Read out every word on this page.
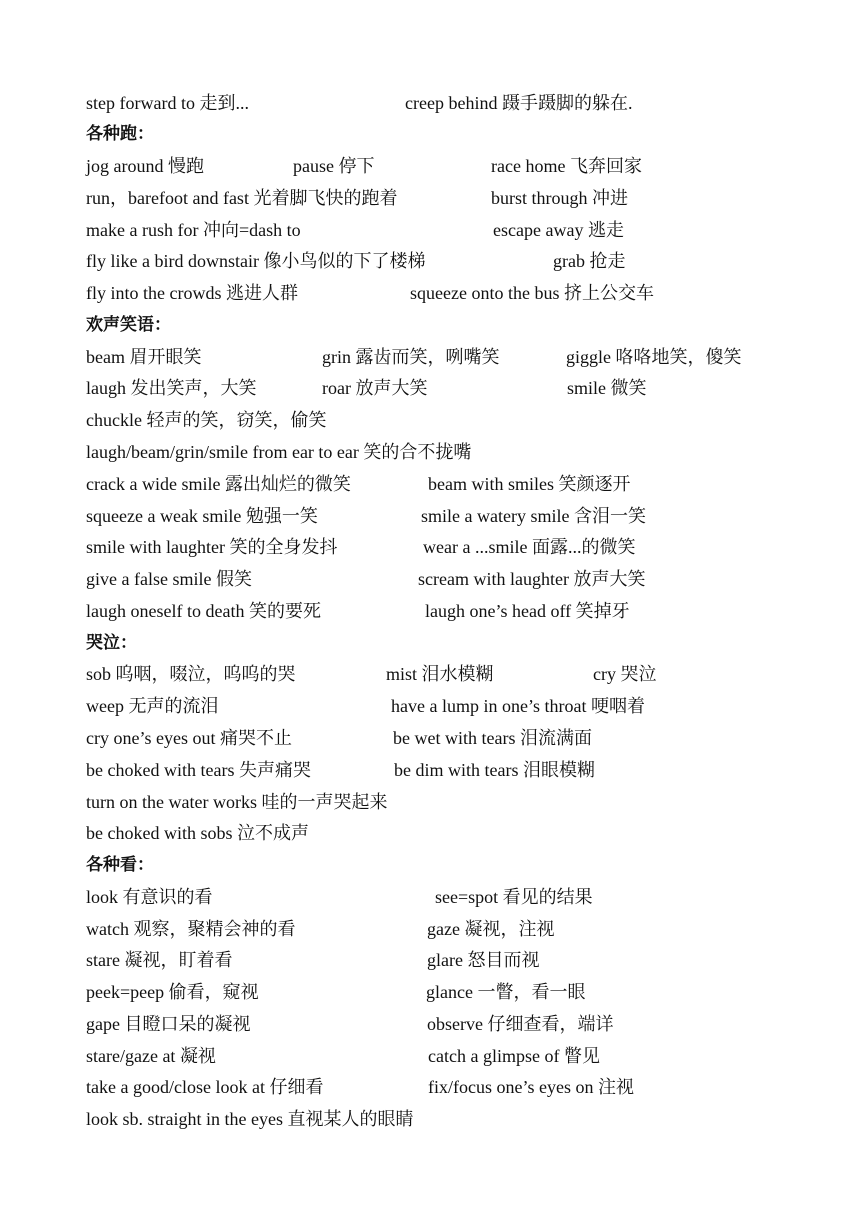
step forward to 走到...	creep behind 蹑手蹑脚的躲在.
各种跑：
jog around 慢跑	pause 停下	race home 飞奔回家
run，barefoot and fast 光着脚飞快的跑着	burst through 冲进
make a rush for 冲向=dash to	escape away 逃走
fly like a bird downstair 像小鸟似的下了楼梯	grab 抢走
fly into the crowds 逃进人群	squeeze onto the bus 挤上公交车
欢声笑语：
beam 眉开眼笑	grin 露齿而笑，咧嘴笑	giggle 咯咯地笑，傻笑
laugh 发出笑声，大笑	roar 放声大笑	smile 微笑
chuckle 轻声的笑，窃笑，偷笑
laugh/beam/grin/smile from ear to ear 笑的合不拢嘴
crack a wide smile 露出灿烂的微笑	beam with smiles 笑颜逐开
squeeze a weak smile 勉强一笑	smile a watery smile 含泪一笑
smile with laughter 笑的全身发抖	wear a ...smile 面露...的微笑
give a false smile 假笑	scream with laughter 放声大笑
laugh oneself to death 笑的要死	laugh one’s head off 笑掉牙
哭泣：
sob 呜咽，啜泣，呜呜的哭	mist 泪水模糊	cry 哭泣
weep 无声的流泪	have a lump in one’s throat 哽咽着
cry one’s eyes out 痛哭不止	be wet with tears 泪流满面
be choked with tears 失声痛哭	be dim with tears 泪眼模糊
turn on the water works 哇的一声哭起来
be choked with sobs 泣不成声
各种看：
look 有意识的看	see=spot 看见的结果
watch 观察，聚精会神的看	gaze 凝视，注视
stare 凝视，盯着看	glare 怒目而视
peek=peep 偷看，窥视	glance 一瞥，看一眼
gape 目瞪口呆的凝视	observe 仔细查看，端详
stare/gaze at 凝视	catch a glimpse of 瞥见
take a good/close look at 仔细看	fix/focus one’s eyes on 注视
look sb. straight in the eyes 直视某人的眼睛
